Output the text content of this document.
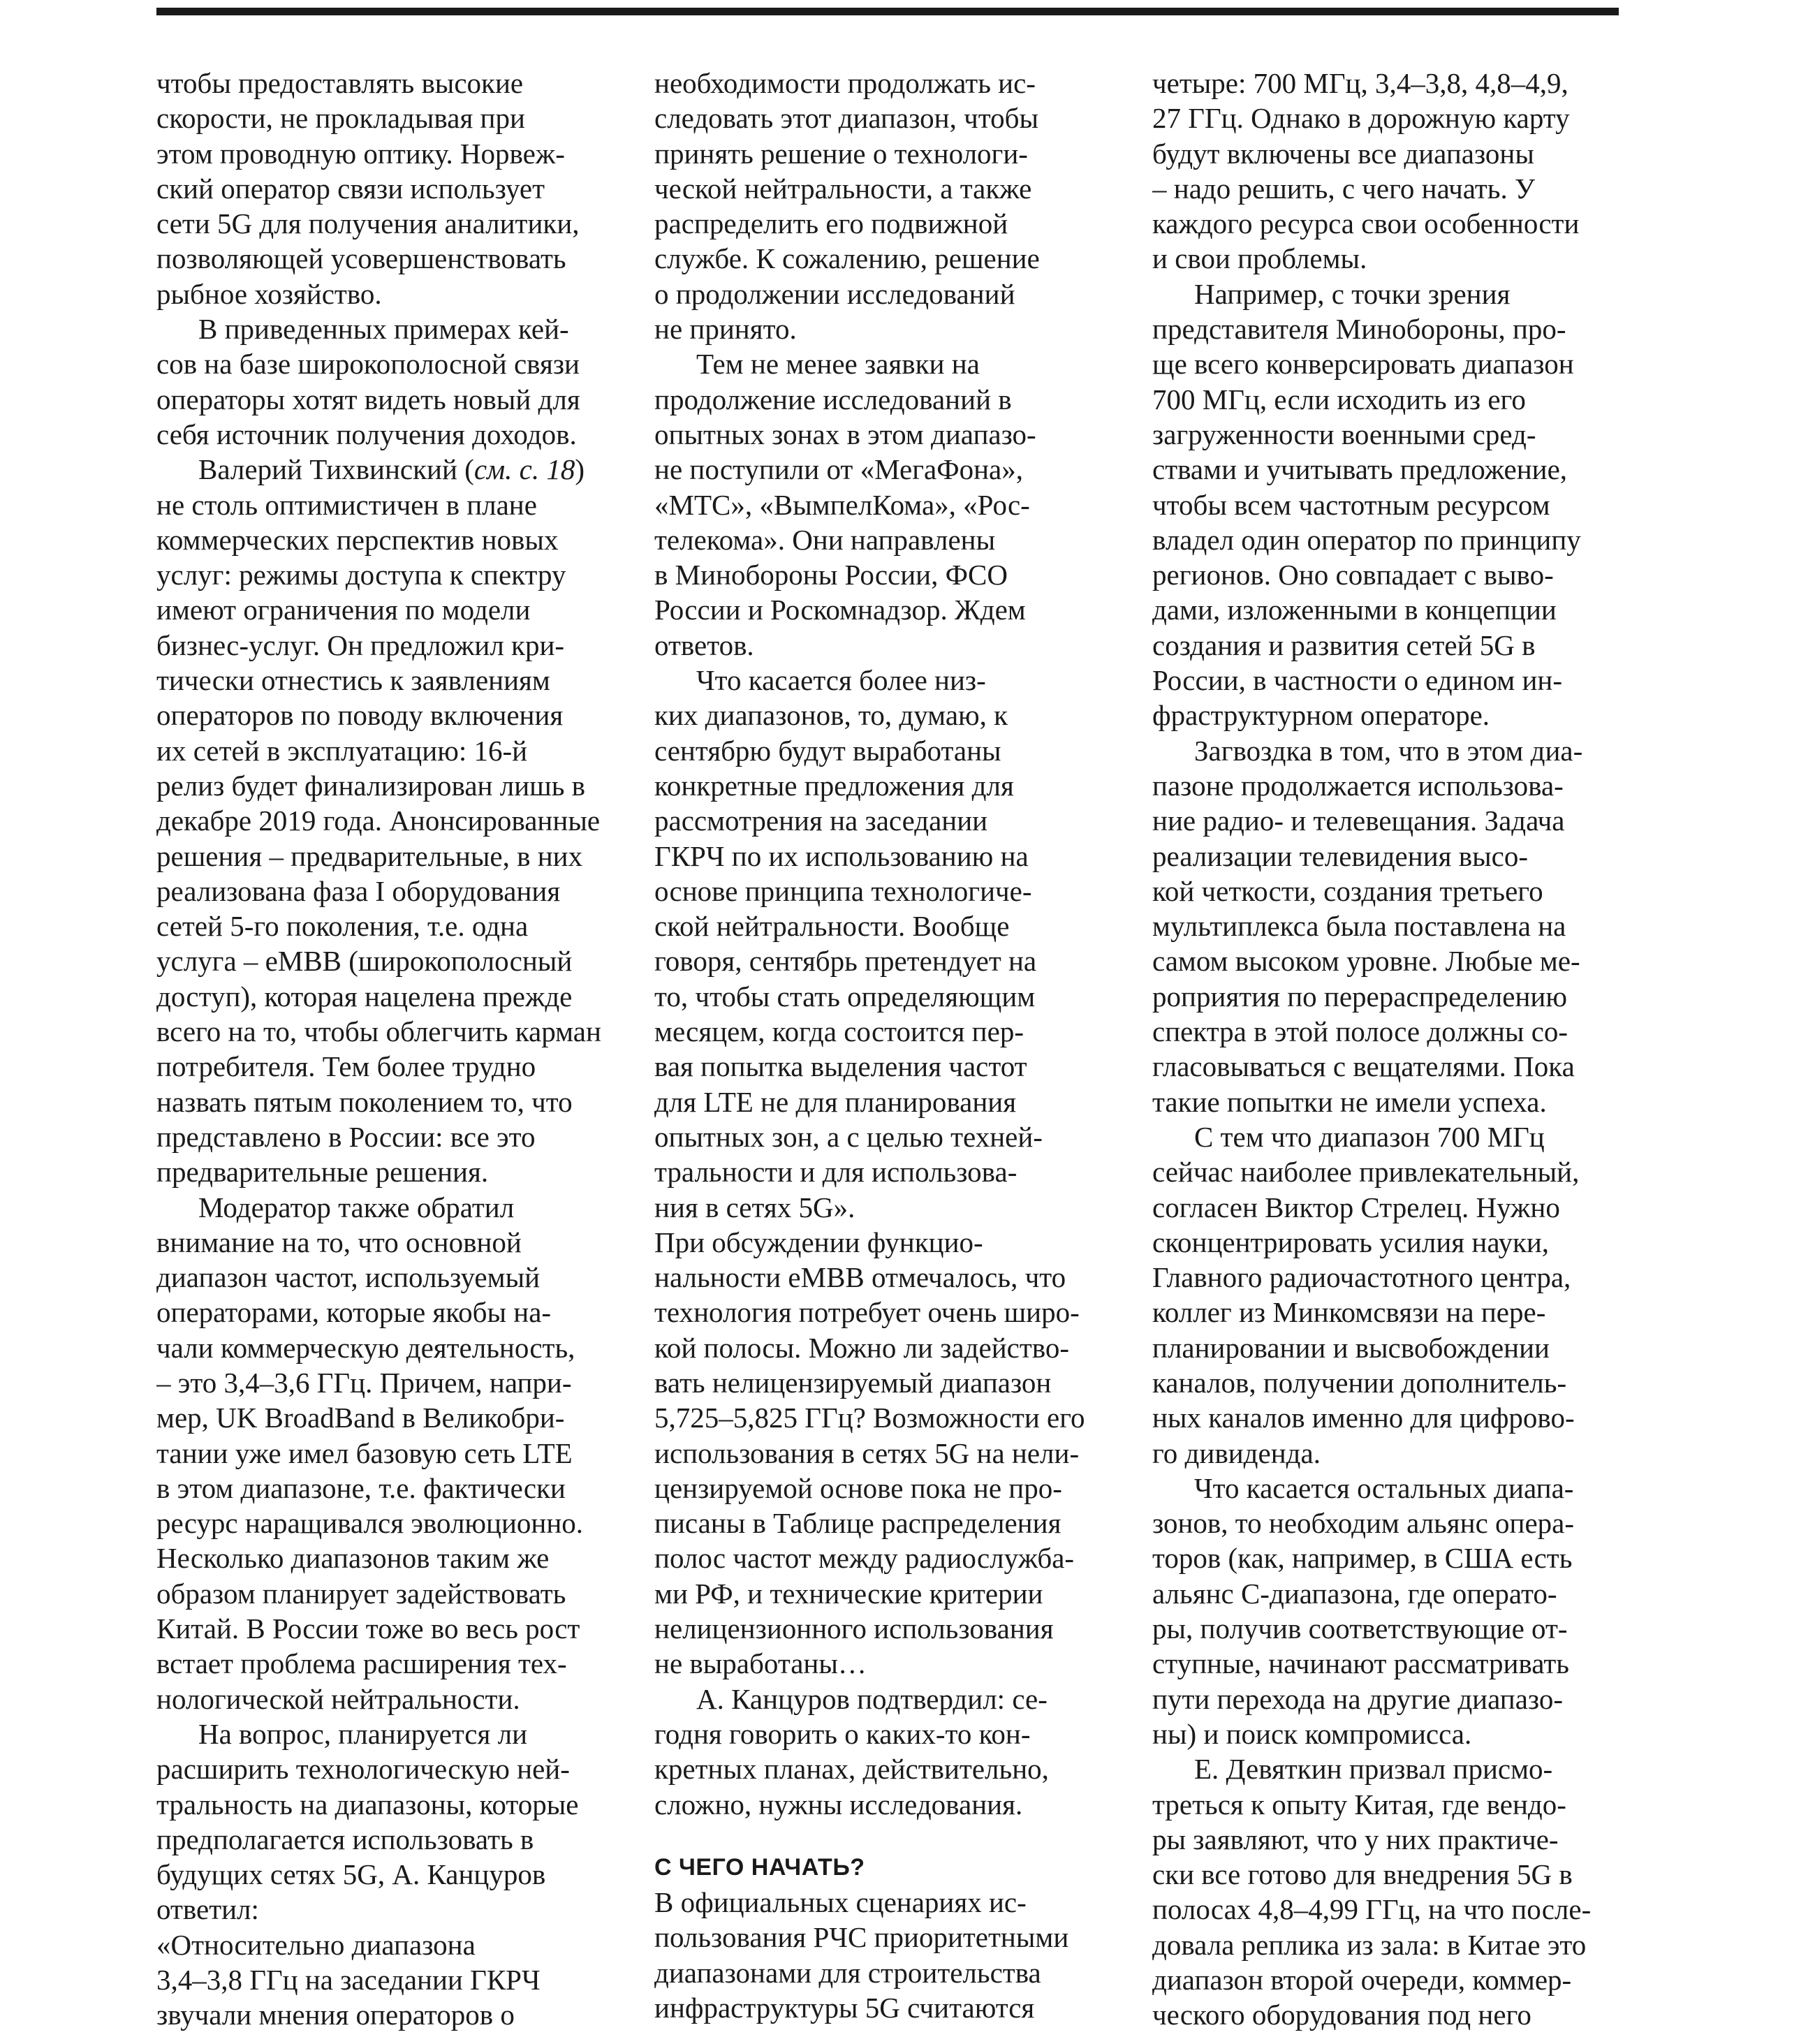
чтобы предоставлять высокие
скорости, не прокладывая при
этом проводную оптику. Норвеж-
ский оператор связи использует
сети 5G для получения аналитики,
позволяющей усовершенствовать
рыбное хозяйство.

В приведенных примерах кей-
сов на базе широкополосной связи
операторы хотят видеть новый для
себя источник получения доходов.

Валерий Тихвинский (см. с. 18)
не столь оптимистичен в плане
коммерческих перспектив новых
услуг: режимы доступа к спектру
имеют ограничения по модели
бизнес-услуг. Он предложил кри-
тически отнестись к заявлениям
операторов по поводу включения
их сетей в эксплуатацию: 16-й
релиз будет финализирован лишь в
декабре 2019 года. Анонсированные
решения – предварительные, в них
реализована фаза I оборудования
сетей 5-го поколения, т.е. одна
услуга – eMBB (широкополосный
доступ), которая нацелена прежде
всего на то, чтобы облегчить карман
потребителя. Тем более трудно
назвать пятым поколением то, что
представлено в России: все это
предварительные решения.

Модератор также обратил
внимание на то, что основной
диапазон частот, используемый
операторами, которые якобы на-
чали коммерческую деятельность,
– это 3,4–3,6 ГГц. Причем, напри-
мер, UK BroadBand в Великобри-
тании уже имел базовую сеть LTE
в этом диапазоне, т.е. фактически
ресурс наращивался эволюционно.
Несколько диапазонов таким же
образом планирует задействовать
Китай. В России тоже во весь рост
встает проблема расширения тех-
нологической нейтральности.

На вопрос, планируется ли
расширить технологическую ней-
тральность на диапазоны, которые
предполагается использовать в
будущих сетях 5G, А. Канцуров
ответил:

«Относительно диапазона
3,4–3,8 ГГц на заседании ГКРЧ
звучали мнения операторов о

необходимости продолжать ис-
следовать этот диапазон, чтобы
принять решение о технологи-
ческой нейтральности, а также
распределить его подвижной
службе. К сожалению, решение
о продолжении исследований
не принято.

Тем не менее заявки на
продолжение исследований в
опытных зонах в этом диапазо-
не поступили от «МегаФона»,
«МТС», «ВымпелКома», «Рос-
телекома». Они направлены
в Минобороны России, ФСО
России и Роскомнадзор. Ждем
ответов.

Что касается более низ-
ких диапазонов, то, думаю, к
сентябрю будут выработаны
конкретные предложения для
рассмотрения на заседании
ГКРЧ по их использованию на
основе принципа технологиче-
ской нейтральности. Вообще
говоря, сентябрь претендует на
то, чтобы стать определяющим
месяцем, когда состоится пер-
вая попытка выделения частот
для LTE не для планирования
опытных зон, а с целью техней-
тральности и для использова-
ния в сетях 5G».

При обсуждении функцио-
нальности eMBB отмечалось, что
технология потребует очень широ-
кой полосы. Можно ли задейство-
вать нелицензируемый диапазон
5,725–5,825 ГГц? Возможности его
использования в сетях 5G на нели-
цензируемой основе пока не про-
писаны в Таблице распределения
полос частот между радиослужба-
ми РФ, и технические критерии
нелицензионного использования
не выработаны…

А. Канцуров подтвердил: се-
годня говорить о каких-то кон-
кретных планах, действительно,
сложно, нужны исследования.

С ЧЕГО НАЧАТЬ?

В официальных сценариях ис-
пользования РЧС приоритетными
диапазонами для строительства
инфраструктуры 5G считаются

четыре: 700 МГц, 3,4–3,8, 4,8–4,9,
27 ГГц. Однако в дорожную карту
будут включены все диапазоны
– надо решить, с чего начать. У
каждого ресурса свои особенности
и свои проблемы.

Например, с точки зрения
представителя Минобороны, про-
ще всего конверсировать диапазон
700 МГц, если исходить из его
загруженности военными сред-
ствами и учитывать предложение,
чтобы всем частотным ресурсом
владел один оператор по принципу
регионов. Оно совпадает с выво-
дами, изложенными в концепции
создания и развития сетей 5G в
России, в частности о едином ин-
фраструктурном операторе.

Загвоздка в том, что в этом диа-
пазоне продолжается использова-
ние радио- и телевещания. Задача
реализации телевидения высо-
кой четкости, создания третьего
мультиплекса была поставлена на
самом высоком уровне. Любые ме-
роприятия по перераспределению
спектра в этой полосе должны со-
гласовываться с вещателями. Пока
такие попытки не имели успеха.

С тем что диапазон 700 МГц
сейчас наиболее привлекательный,
согласен Виктор Стрелец. Нужно
сконцентрировать усилия науки,
Главного радиочастотного центра,
коллег из Минкомсвязи на пере-
планировании и высвобождении
каналов, получении дополнитель-
ных каналов именно для цифрово-
го дивиденда.

Что касается остальных диапа-
зонов, то необходим альянс опера-
торов (как, например, в США есть
альянс С-диапазона, где операто-
ры, получив соответствующие от-
ступные, начинают рассматривать
пути перехода на другие диапазо-
ны) и поиск компромисса.

Е. Девяткин призвал присмо-
треться к опыту Китая, где вендо-
ры заявляют, что у них практиче-
ски все готово для внедрения 5G в
полосах 4,8–4,99 ГГц, на что после-
довала реплика из зала: в Китае это
диапазон второй очереди, коммер-
ческого оборудования под него
